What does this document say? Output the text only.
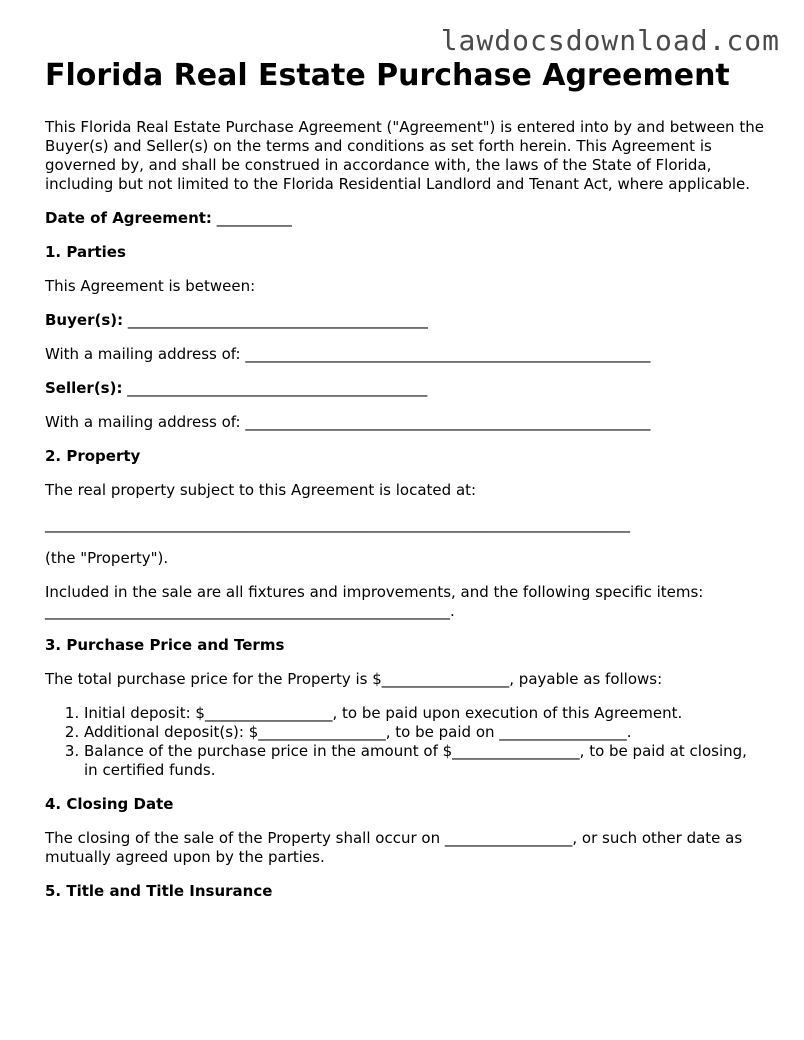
lawdocsdownload.com
Florida Real Estate Purchase Agreement

This Florida Real Estate Purchase Agreement ("Agreement") is entered into by and between the Buyer(s) and Seller(s) on the terms and conditions as set forth herein. This Agreement is governed by, and shall be construed in accordance with, the laws of the State of Florida, including but not limited to the Florida Residential Landlord and Tenant Act, where applicable.

Date of Agreement: __________

1. Parties

This Agreement is between:

Buyer(s): ________________________________________

With a mailing address of: ______________________________________________________

Seller(s): ________________________________________

With a mailing address of: ______________________________________________________

2. Property

The real property subject to this Agreement is located at:

______________________________________________________________________________

(the "Property").

Included in the sale are all fixtures and improvements, and the following specific items: ______________________________________________________.

3. Purchase Price and Terms

The total purchase price for the Property is $_________________, payable as follows:

1. Initial deposit: $_________________, to be paid upon execution of this Agreement.
2. Additional deposit(s): $_________________, to be paid on _________________.
3. Balance of the purchase price in the amount of $_________________, to be paid at closing, in certified funds.
4. Closing Date

The closing of the sale of the Property shall occur on _________________, or such other date as mutually agreed upon by the parties.

5. Title and Title Insurance
